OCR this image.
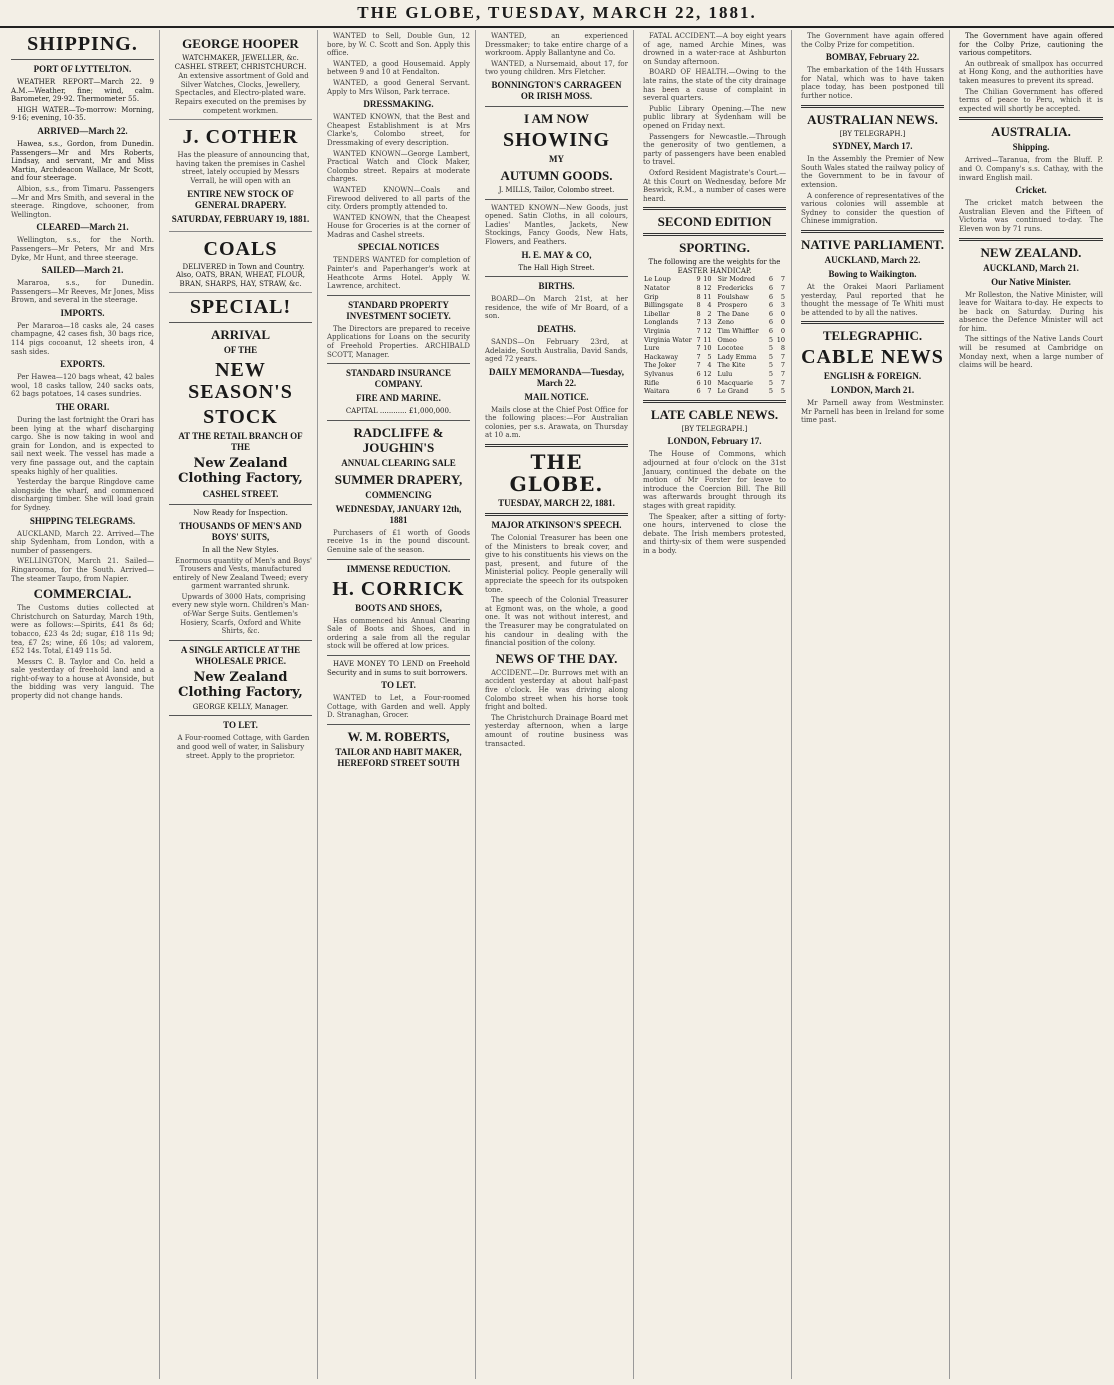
THE GLOBE, TUESDAY, MARCH 22, 1881.
SHIPPING.
PORT OF LYTTELTON.

WEATHER REPORT—March 22. 9 A.M.—Weather, fine; wind, calm. Barometer, 29·92. Thermometer 55.

HIGH WATER—To-morrow: Morning, 9·16; evening, 10·35.

ARRIVED—March 22.

Hawea, s.s., Gordon, from Dunedin. Passengers—Mr and Mrs Roberts, Lindsay, and servant, Mr and Miss Martin, Archdeacon Wallace, Mr Scott, and four steerage.

Albion, s.s., from Timaru. Passengers—Mr and Mrs Smith, and several in the steerage. Ringdove, schooner, from Wellington.

CLEARED—March 21.

Wellington, s.s., for the North. Passengers—Mr Peters, Mr and Mrs Dyke, Mr Hunt, and three steerage.

SAILED—March 21.

Mararoa, s.s., for Dunedin. Passengers—Mr Reeves, Mr Jones, Miss Brown, and several in the steerage.

IMPORTS.

Per Mararoa—18 casks ale, 24 cases champagne, 42 cases fish, 30 bags rice, 114 pigs cocoanut, 12 sheets iron, 4 sash sides.

EXPORTS.

Per Hawea—120 bags wheat, 42 bales wool, 18 casks tallow, 240 sacks oats, 62 bags potatoes, 14 cases sundries.

THE ORARI.

During the last fortnight the Orari has been lying at the wharf discharging cargo. She is now taking in wool and grain for London, and is expected to sail next week. The vessel has made a very fine passage out, and the captain speaks highly of her qualities.

Yesterday the barque Ringdove came alongside the wharf, and commenced discharging timber. She will load grain for Sydney.

SHIPPING TELEGRAMS.

AUCKLAND, March 22. Arrived—The ship Sydenham, from London, with a number of passengers.

WELLINGTON, March 21. Sailed—Ringarooma, for the South. Arrived—The steamer Taupo, from Napier.

COMMERCIAL.

The Customs duties collected at Christchurch on Saturday, March 19th, were as follows:—Spirits, £41 8s 6d; tobacco, £23 4s 2d; sugar, £18 11s 9d; tea, £7 2s; wine, £6 10s; ad valorem, £52 14s. Total, £149 11s 5d.

Messrs C. B. Taylor and Co. held a sale yesterday of freehold land and a right-of-way to a house at Avonside, but the bidding was very languid. The property did not change hands.

GEORGE HOOPER
WATCHMAKER, JEWELLER, &c.
CASHEL STREET, CHRISTCHURCH.

An extensive assortment of Gold and Silver Watches, Clocks, Jewellery, Spectacles, and Electro-plated ware. Repairs executed on the premises by competent workmen.

J. COTHER

Has the pleasure of announcing that, having taken the premises in Cashel street, lately occupied by Messrs Verrall, he will open with an

ENTIRE NEW STOCK OF GENERAL DRAPERY.
SATURDAY, FEBRUARY 19, 1881.
COALS

DELIVERED in Town and Country. Also, OATS, BRAN, WHEAT, FLOUR, BRAN, SHARPS, HAY, STRAW, &c.

SPECIAL!
ARRIVAL
OF THE
NEW SEASON'S
STOCK
AT THE RETAIL BRANCH OF THE
New Zealand Clothing Factory,
CASHEL STREET.
Now Ready for Inspection.
THOUSANDS OF MEN'S AND BOYS' SUITS,
In all the New Styles.

Enormous quantity of Men's and Boys' Trousers and Vests, manufactured entirely of New Zealand Tweed; every garment warranted shrunk.

Upwards of 3000 Hats, comprising every new style worn. Children's Man-of-War Serge Suits. Gentlemen's Hosiery, Scarfs, Oxford and White Shirts, &c.

A SINGLE ARTICLE AT THE WHOLESALE PRICE.
New Zealand Clothing Factory,
GEORGE KELLY, Manager.
TO LET.

A Four-roomed Cottage, with Garden and good well of water, in Salisbury street. Apply to the proprietor.

WANTED to Sell, Double Gun, 12 bore, by W. C. Scott and Son. Apply this office.

WANTED, a good Housemaid. Apply between 9 and 10 at Fendalton.

WANTED, a good General Servant. Apply to Mrs Wilson, Park terrace.

DRESSMAKING.

WANTED KNOWN, that the Best and Cheapest Establishment is at Mrs Clarke's, Colombo street, for Dressmaking of every description.

WANTED KNOWN—George Lambert, Practical Watch and Clock Maker, Colombo street. Repairs at moderate charges.

WANTED KNOWN—Coals and Firewood delivered to all parts of the city. Orders promptly attended to.

WANTED KNOWN, that the Cheapest House for Groceries is at the corner of Madras and Cashel streets.

SPECIAL NOTICES

TENDERS WANTED for completion of Painter's and Paperhanger's work at Heathcote Arms Hotel. Apply W. Lawrence, architect.

STANDARD PROPERTY INVESTMENT SOCIETY.

The Directors are prepared to receive Applications for Loans on the security of Freehold Properties. ARCHIBALD SCOTT, Manager.

STANDARD INSURANCE COMPANY.
FIRE AND MARINE.
CAPITAL ............ £1,000,000.
RADCLIFFE & JOUGHIN'S
ANNUAL CLEARING SALE
SUMMER DRAPERY,
COMMENCING
WEDNESDAY, JANUARY 12th, 1881

Purchasers of £1 worth of Goods receive 1s in the pound discount. Genuine sale of the season.

IMMENSE REDUCTION.
H. CORRICK
BOOTS AND SHOES,

Has commenced his Annual Clearing Sale of Boots and Shoes, and in ordering a sale from all the regular stock will be offered at low prices.

HAVE MONEY TO LEND on Freehold Security and in sums to suit borrowers.

TO LET.

WANTED to Let, a Four-roomed Cottage, with Garden and well. Apply D. Stranaghan, Grocer.

W. M. ROBERTS,
TAILOR AND HABIT MAKER, HEREFORD STREET SOUTH

WANTED, an experienced Dressmaker; to take entire charge of a workroom. Apply Ballantyne and Co.

WANTED, a Nursemaid, about 17, for two young children. Mrs Fletcher.

BONNINGTON'S CARRAGEEN OR IRISH MOSS.
I AM NOW
SHOWING
MY
AUTUMN GOODS.
J. MILLS, Tailor, Colombo street.

WANTED KNOWN—New Goods, just opened. Satin Cloths, in all colours, Ladies' Mantles, Jackets, New Stockings, Fancy Goods, New Hats, Flowers, and Feathers.

H. E. MAY & CO,
The Hall High Street.
BIRTHS.

BOARD—On March 21st, at her residence, the wife of Mr Board, of a son.

DEATHS.

SANDS—On February 23rd, at Adelaide, South Australia, David Sands, aged 72 years.

DAILY MEMORANDA—Tuesday, March 22.
MAIL NOTICE.

Mails close at the Chief Post Office for the following places:—For Australian colonies, per s.s. Arawata, on Thursday at 10 a.m.

THE GLOBE.
TUESDAY, MARCH 22, 1881.
MAJOR ATKINSON'S SPEECH.

The Colonial Treasurer has been one of the Ministers to break cover, and give to his constituents his views on the past, present, and future of the Ministerial policy. People generally will appreciate the speech for its outspoken tone.

The speech of the Colonial Treasurer at Egmont was, on the whole, a good one. It was not without interest, and the Treasurer may be congratulated on his candour in dealing with the financial position of the colony.

NEWS OF THE DAY.

ACCIDENT.—Dr. Burrows met with an accident yesterday at about half-past five o'clock. He was driving along Colombo street when his horse took fright and bolted.

The Christchurch Drainage Board met yesterday afternoon, when a large amount of routine business was transacted.

FATAL ACCIDENT.—A boy eight years of age, named Archie Mines, was drowned in a water-race at Ashburton on Sunday afternoon.

BOARD OF HEALTH.—Owing to the late rains, the state of the city drainage has been a cause of complaint in several quarters.

Public Library Opening.—The new public library at Sydenham will be opened on Friday next.

Passengers for Newcastle.—Through the generosity of two gentlemen, a party of passengers have been enabled to travel.

Oxford Resident Magistrate's Court.—At this Court on Wednesday, before Mr Beswick, R.M., a number of cases were heard.

SECOND EDITION
SPORTING.
The following are the weights for the EASTER HANDICAP.
Le Loup	9	10
Natator	8	12
Grip	8	11
Billingsgate	8	4
Libellar	8	2
Longlands	7	13
Virginia	7	12
Virginia Water	7	11
Lure	7	10
Hackaway	7	5
The Joker	7	4
Sylvanus	6	12
Rifle	6	10
Waitara	6	7
Sir Modred	6	7
Fredericks	6	7
Foulshaw	6	5
Prospero	6	3
The Dane	6	0
Zeno	6	0
Tim Whiffler	6	0
Omeo	5	10
Locotee	5	8
Lady Emma	5	7
The Kite	5	7
Lulu	5	7
Macquarie	5	7
Le Grand	5	5
LATE CABLE NEWS.
[BY TELEGRAPH.]
LONDON, February 17.

The House of Commons, which adjourned at four o'clock on the 31st January, continued the debate on the motion of Mr Forster for leave to introduce the Coercion Bill. The Bill was afterwards brought through its stages with great rapidity.

The Speaker, after a sitting of forty-one hours, intervened to close the debate. The Irish members protested, and thirty-six of them were suspended in a body.

The Government have again offered the Colby Prize for competition.

BOMBAY, February 22.

The embarkation of the 14th Hussars for Natal, which was to have taken place today, has been postponed till further notice.

AUSTRALIAN NEWS.
[BY TELEGRAPH.]
SYDNEY, March 17.

In the Assembly the Premier of New South Wales stated the railway policy of the Government to be in favour of extension.

A conference of representatives of the various colonies will assemble at Sydney to consider the question of Chinese immigration.

NATIVE PARLIAMENT.
AUCKLAND, March 22.
Bowing to Waikington.

At the Orakei Maori Parliament yesterday, Paul reported that he thought the message of Te Whiti must be attended to by all the natives.

TELEGRAPHIC.
CABLE NEWS
ENGLISH & FOREIGN.
LONDON, March 21.

Mr Parnell away from Westminster. Mr Parnell has been in Ireland for some time past.

The Government have again offered for the Colby Prize, cautioning the various competitors.

An outbreak of smallpox has occurred at Hong Kong, and the authorities have taken measures to prevent its spread.

The Chilian Government has offered terms of peace to Peru, which it is expected will shortly be accepted.

AUSTRALIA.
Shipping.

Arrived—Taranua, from the Bluff. P. and O. Company's s.s. Cathay, with the inward English mail.

Cricket.

The cricket match between the Australian Eleven and the Fifteen of Victoria was continued to-day. The Eleven won by 71 runs.

NEW ZEALAND.
AUCKLAND, March 21.
Our Native Minister.

Mr Rolleston, the Native Minister, will leave for Waitara to-day. He expects to be back on Saturday. During his absence the Defence Minister will act for him.

The sittings of the Native Lands Court will be resumed at Cambridge on Monday next, when a large number of claims will be heard.
